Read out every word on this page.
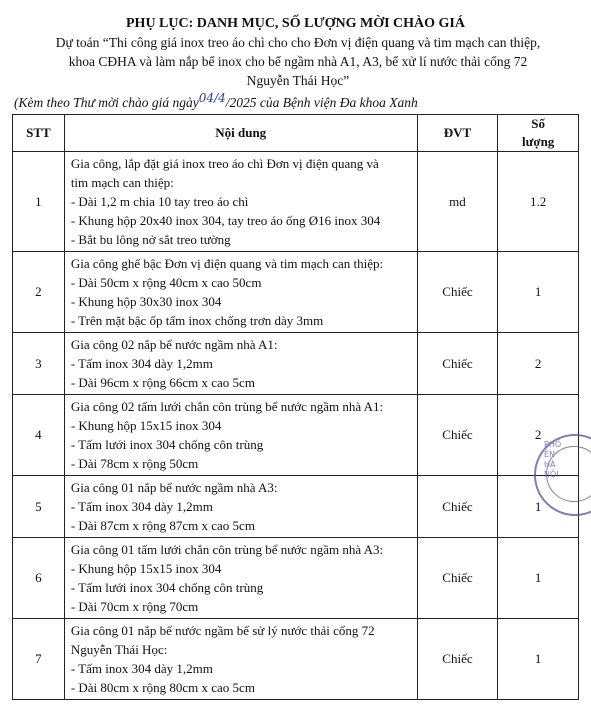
PHỤ LỤC: DANH MỤC, SỐ LƯỢNG MỜI CHÀO GIÁ
Dự toán “Thi công giá inox treo áo chì cho cho Đơn vị điện quang và tim mạch can thiệp,
khoa CĐHA và làm nắp bể inox cho bể ngầm nhà A1, A3, bể xử lí nước thải cổng 72
Nguyễn Thái Học”
(Kèm theo Thư mời chào giá ngày04/4/2025 của Bệnh viện Đa khoa Xanh
STT	Nội dung	ĐVT	Số
lượng

1	Gia công, lắp đặt giá inox treo áo chì Đơn vị điện quang và
tim mạch can thiệp:
- Dài 1,2 m chia 10 tay treo áo chì
- Khung hộp 20x40 inox 304, tay treo áo ống Ø16 inox 304
- Bắt bu lông nở sắt treo tường	md	1.2
2	Gia công ghế bậc Đơn vị điện quang và tim mạch can thiệp:
- Dài 50cm x rộng 40cm x cao 50cm
- Khung hộp 30x30 inox 304
- Trên mặt bậc ốp tấm inox chống trơn dày 3mm	Chiếc	1
3	Gia công 02 nắp bể nước ngầm nhà A1:
- Tấm inox 304 dày 1,2mm
- Dài 96cm x rộng 66cm x cao 5cm	Chiếc	2
4	Gia công 02 tấm lưới chắn côn trùng bể nước ngầm nhà A1:
- Khung hộp 15x15 inox 304
- Tấm lưới inox 304 chống côn trùng
- Dài 78cm x rộng 50cm	Chiếc	2
5	Gia công 01 nắp bể nước ngầm nhà A3:
- Tấm inox 304 dày 1,2mm
- Dài 87cm x rộng 87cm x cao 5cm	Chiếc	1
6	Gia công 01 tấm lưới chắn côn trùng bể nước ngầm nhà A3:
- Khung hộp 15x15 inox 304
- Tấm lưới inox 304 chống côn trùng
- Dài 70cm x rộng 70cm	Chiếc	1
7	Gia công 01 nắp bể nước ngầm bể sử lý nước thải cổng 72
Nguyễn Thái Học:
- Tấm inox 304 dày 1,2mm
- Dài 80cm x rộng 80cm x cao 5cm	Chiếc	1
PHỐ
ÊN
HÀ
NỘI
